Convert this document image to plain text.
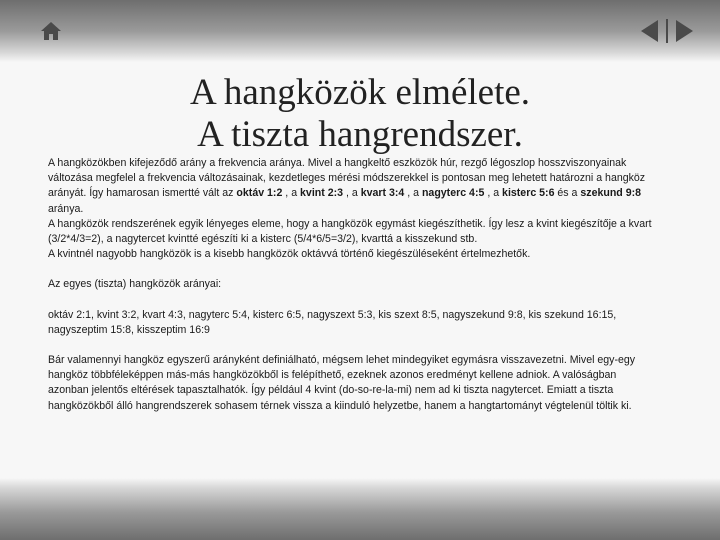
A hangközök elmélete.
A tiszta hangrendszer.

A hangközökben kifejeződő arány a frekvencia aránya. Mivel a hangkeltő eszközök húr, rezgő légoszlop hosszviszonyainak változása megfelel a frekvencia változásainak, kezdetleges mérési módszerekkel is pontosan meg lehetett határozni a hangköz arányát. Így hamarosan ismertté vált az oktáv 1:2 , a kvint 2:3 , a kvart 3:4 , a nagyterc 4:5 , a kisterc 5:6 és a szekund 9:8 aránya.

A hangközök rendszerének egyik lényeges eleme, hogy a hangközök egymást kiegészíthetik. Így lesz a kvint kiegészítője a kvart (3/2*4/3=2), a nagytercet kvintté egészíti ki a kisterc (5/4*6/5=3/2), kvarttá a kisszekund stb.

A kvintnél nagyobb hangközök is a kisebb hangközök oktávvá történő kiegészüléseként értelmezhetők.

Az egyes (tiszta) hangközök arányai:

oktáv 2:1, kvint 3:2, kvart 4:3, nagyterc 5:4, kisterc 6:5, nagyszext 5:3, kis szext 8:5, nagyszekund 9:8, kis szekund 16:15, nagyszeptim 15:8, kisszeptim 16:9

Bár valamennyi hangköz egyszerű arányként definiálható, mégsem lehet mindegyiket egymásra visszavezetni. Mivel egy-egy hangköz többféleképpen más-más hangközökből is felépíthető, ezeknek azonos eredményt kellene adniok. A valóságban azonban jelentős eltérések tapasztalhatók. Így például 4 kvint (do-so-re-la-mi) nem ad ki tiszta nagytercet. Emiatt a tiszta hangközökből álló hangrendszerek sohasem térnek vissza a kiinduló helyzetbe, hanem a hangtartományt végtelenül töltik ki.
